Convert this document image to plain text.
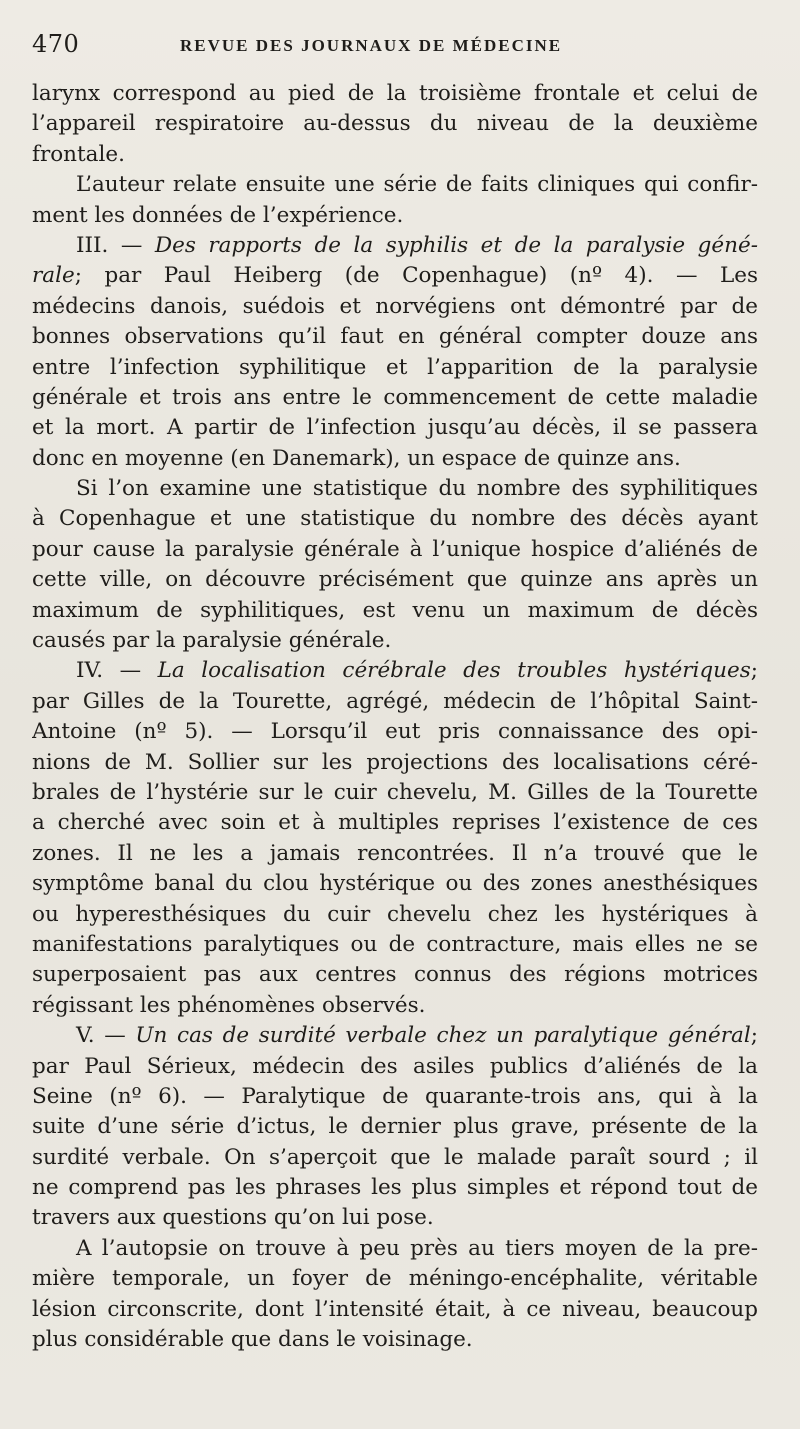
470	REVUE DES JOURNAUX DE MÉDECINE
larynx correspond au pied de la troisième frontale et celui de
l’appareil respiratoire au-dessus du niveau de la deuxième
frontale.
L’auteur relate ensuite une série de faits cliniques qui confir-
ment les données de l’expérience.
III. — Des rapports de la syphilis et de la paralysie géné-
rale; par Paul Heiberg (de Copenhague) (nº 4). — Les
médecins danois, suédois et norvégiens ont démontré par de
bonnes observations qu’il faut en général compter douze ans
entre l’infection syphilitique et l’apparition de la paralysie
générale et trois ans entre le commencement de cette maladie
et la mort. A partir de l’infection jusqu’au décès, il se passera
donc en moyenne (en Danemark), un espace de quinze ans.
Si l’on examine une statistique du nombre des syphilitiques
à Copenhague et une statistique du nombre des décès ayant
pour cause la paralysie générale à l’unique hospice d’aliénés de
cette ville, on découvre précisément que quinze ans après un
maximum de syphilitiques, est venu un maximum de décès
causés par la paralysie générale.
IV. — La localisation cérébrale des troubles hystériques;
par Gilles de la Tourette, agrégé, médecin de l’hôpital Saint-
Antoine (nº 5). — Lorsqu’il eut pris connaissance des opi-
nions de M. Sollier sur les projections des localisations céré-
brales de l’hystérie sur le cuir chevelu, M. Gilles de la Tourette
a cherché avec soin et à multiples reprises l’existence de ces
zones. Il ne les a jamais rencontrées. Il n’a trouvé que le
symptôme banal du clou hystérique ou des zones anesthésiques
ou hyperesthésiques du cuir chevelu chez les hystériques à
manifestations paralytiques ou de contracture, mais elles ne se
superposaient pas aux centres connus des régions motrices
régissant les phénomènes observés.
V. — Un cas de surdité verbale chez un paralytique général;
par Paul Sérieux, médecin des asiles publics d’aliénés de la
Seine (nº 6). — Paralytique de quarante-trois ans, qui à la
suite d’une série d’ictus, le dernier plus grave, présente de la
surdité verbale. On s’aperçoit que le malade paraît sourd ; il
ne comprend pas les phrases les plus simples et répond tout de
travers aux questions qu’on lui pose.
A l’autopsie on trouve à peu près au tiers moyen de la pre-
mière temporale, un foyer de méningo-encéphalite, véritable
lésion circonscrite, dont l’intensité était, à ce niveau, beaucoup
plus considérable que dans le voisinage.
